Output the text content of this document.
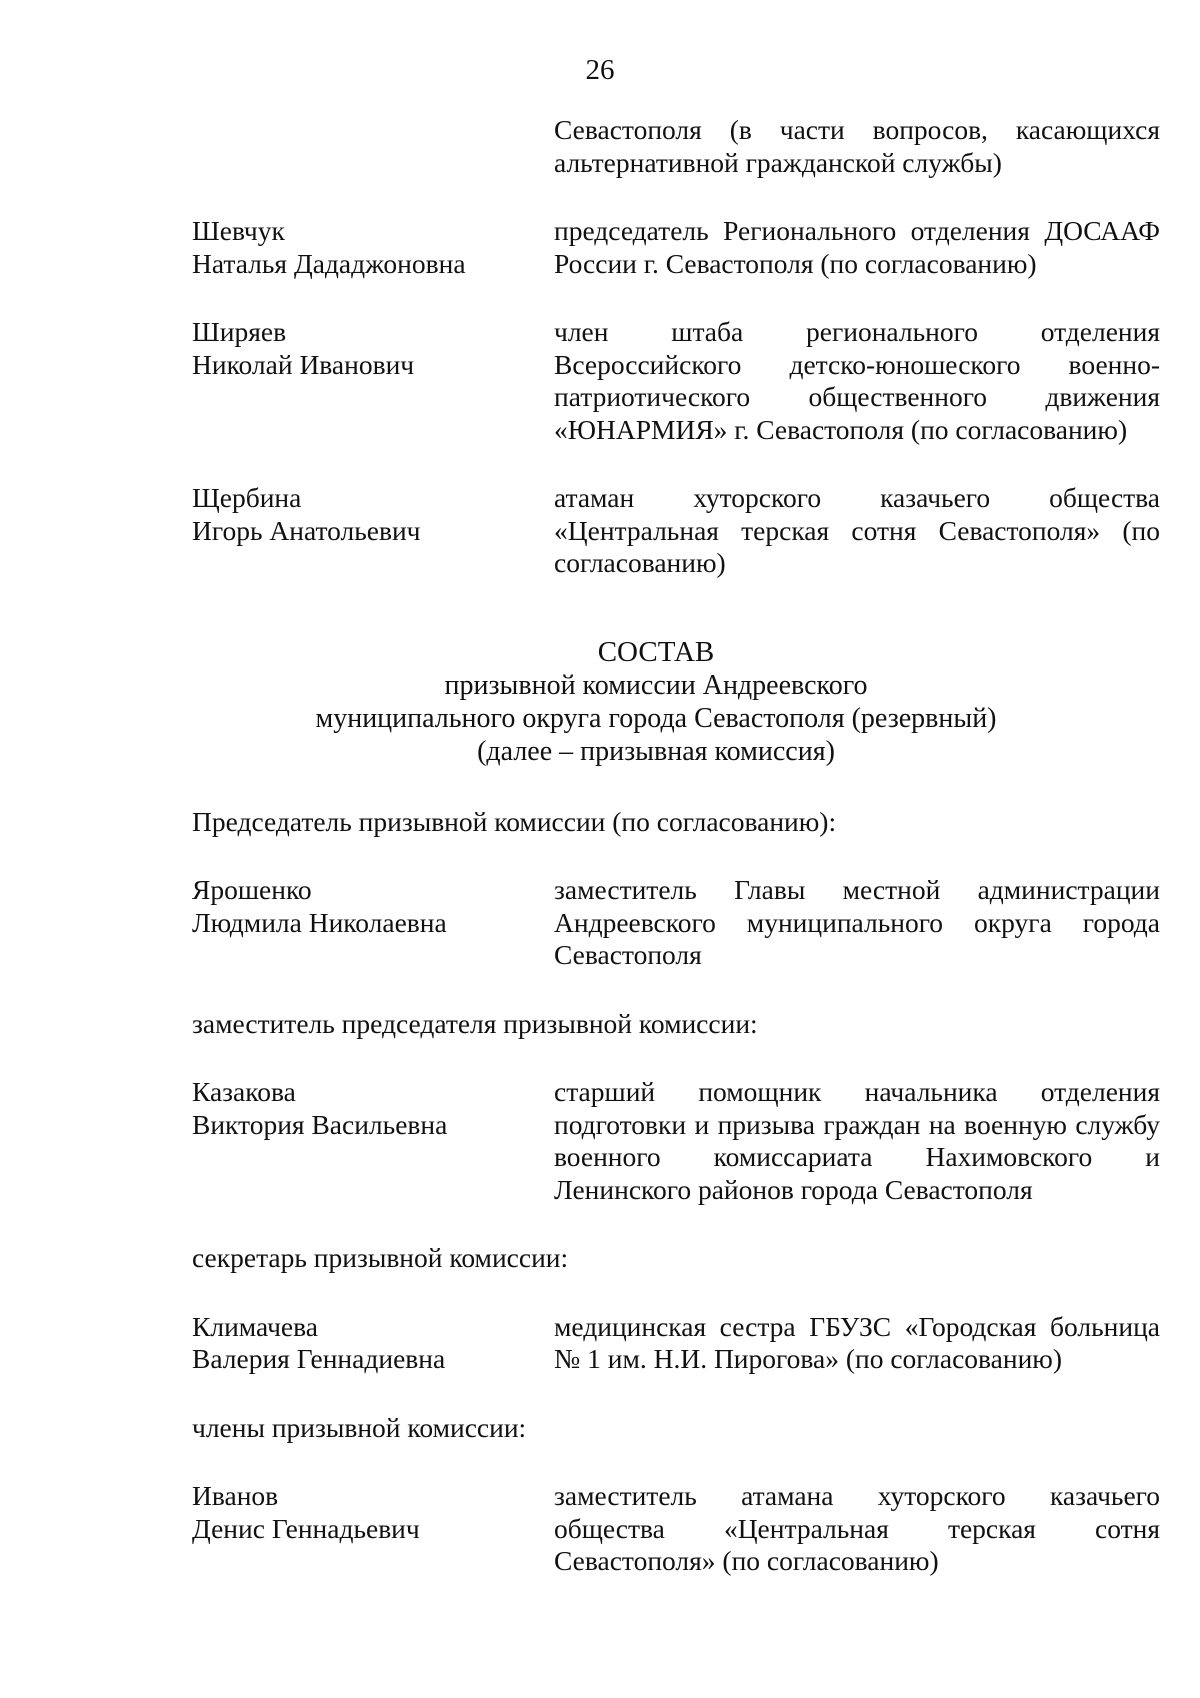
26
Севастополя (в части вопросов, касающихся альтернативной гражданской службы)
Шевчук
Наталья Дададжоновна
председатель Регионального отделения ДОСААФ России г. Севастополя (по согласованию)
Ширяев
Николай Иванович
член штаба регионального отделения Всероссийского детско-юношеского военно-патриотического общественного движения «ЮНАРМИЯ» г. Севастополя (по согласованию)
Щербина
Игорь Анатольевич
атаман хуторского казачьего общества «Центральная терская сотня Севастополя» (по согласованию)
СОСТАВ
призывной комиссии Андреевского
муниципального округа города Севастополя (резервный)
(далее – призывная комиссия)
Председатель призывной комиссии (по согласованию):
Ярошенко
Людмила Николаевна
заместитель Главы местной администрации Андреевского муниципального округа города Севастополя
заместитель председателя призывной комиссии:
Казакова
Виктория Васильевна
старший помощник начальника отделения подготовки и призыва граждан на военную службу военного комиссариата Нахимовского и Ленинского районов города Севастополя
секретарь призывной комиссии:
Климачева
Валерия Геннадиевна
медицинская сестра ГБУЗС «Городская больница № 1 им. Н.И. Пирогова» (по согласованию)
члены призывной комиссии:
Иванов
Денис Геннадьевич
заместитель атамана хуторского казачьего общества «Центральная терская сотня Севастополя» (по согласованию)
